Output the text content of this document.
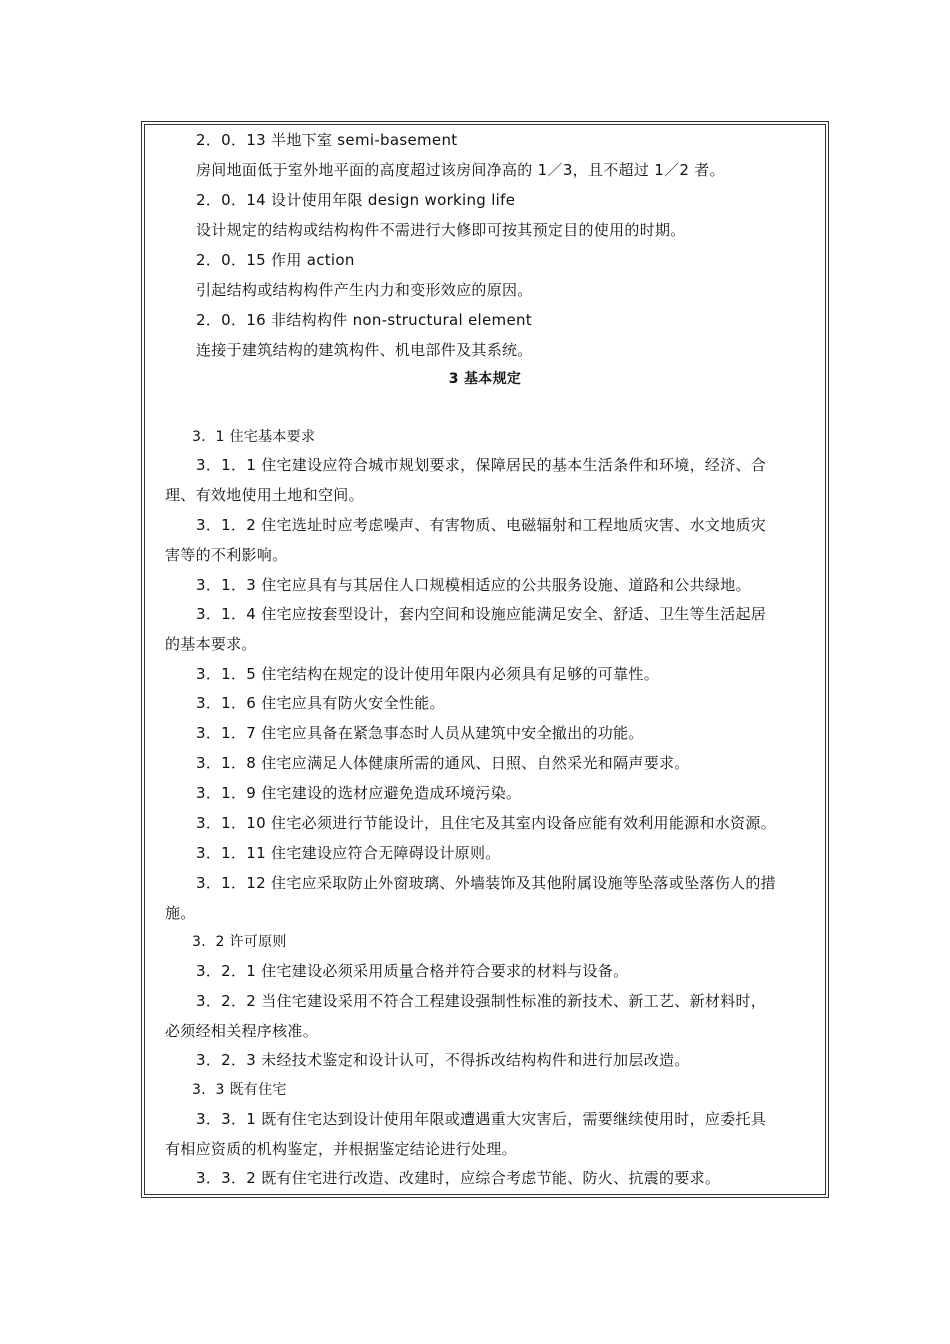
2．0．13 半地下室 semi-basement
房间地面低于室外地平面的高度超过该房间净高的 1／3，且不超过 1／2 者。
2．0．14 设计使用年限 design working life
设计规定的结构或结构构件不需进行大修即可按其预定目的使用的时期。
2．0．15 作用 action
引起结构或结构构件产生内力和变形效应的原因。
2．0．16 非结构构件 non-structural element
连接于建筑结构的建筑构件、机电部件及其系统。
3 基本规定
3．1 住宅基本要求
3．1．1 住宅建设应符合城市规划要求，保障居民的基本生活条件和环境，经济、合
理、有效地使用土地和空间。
3．1．2 住宅选址时应考虑噪声、有害物质、电磁辐射和工程地质灾害、水文地质灾
害等的不利影响。
3．1．3 住宅应具有与其居住人口规模相适应的公共服务设施、道路和公共绿地。
3．1．4 住宅应按套型设计，套内空间和设施应能满足安全、舒适、卫生等生活起居
的基本要求。
3．1．5 住宅结构在规定的设计使用年限内必须具有足够的可靠性。
3．1．6 住宅应具有防火安全性能。
3．1．7 住宅应具备在紧急事态时人员从建筑中安全撤出的功能。
3．1．8 住宅应满足人体健康所需的通风、日照、自然采光和隔声要求。
3．1．9 住宅建设的选材应避免造成环境污染。
3．1．10 住宅必须进行节能设计，且住宅及其室内设备应能有效利用能源和水资源。
3．1．11 住宅建设应符合无障碍设计原则。
3．1．12 住宅应采取防止外窗玻璃、外墙装饰及其他附属设施等坠落或坠落伤人的措
施。
3．2 许可原则
3．2．1 住宅建设必须采用质量合格并符合要求的材料与设备。
3．2．2 当住宅建设采用不符合工程建设强制性标准的新技术、新工艺、新材料时，
必须经相关程序核准。
3．2．3 未经技术鉴定和设计认可，不得拆改结构构件和进行加层改造。
3．3 既有住宅
3．3．1 既有住宅达到设计使用年限或遭遇重大灾害后，需要继续使用时，应委托具
有相应资质的机构鉴定，并根据鉴定结论进行处理。
3．3．2 既有住宅进行改造、改建时，应综合考虑节能、防火、抗震的要求。
